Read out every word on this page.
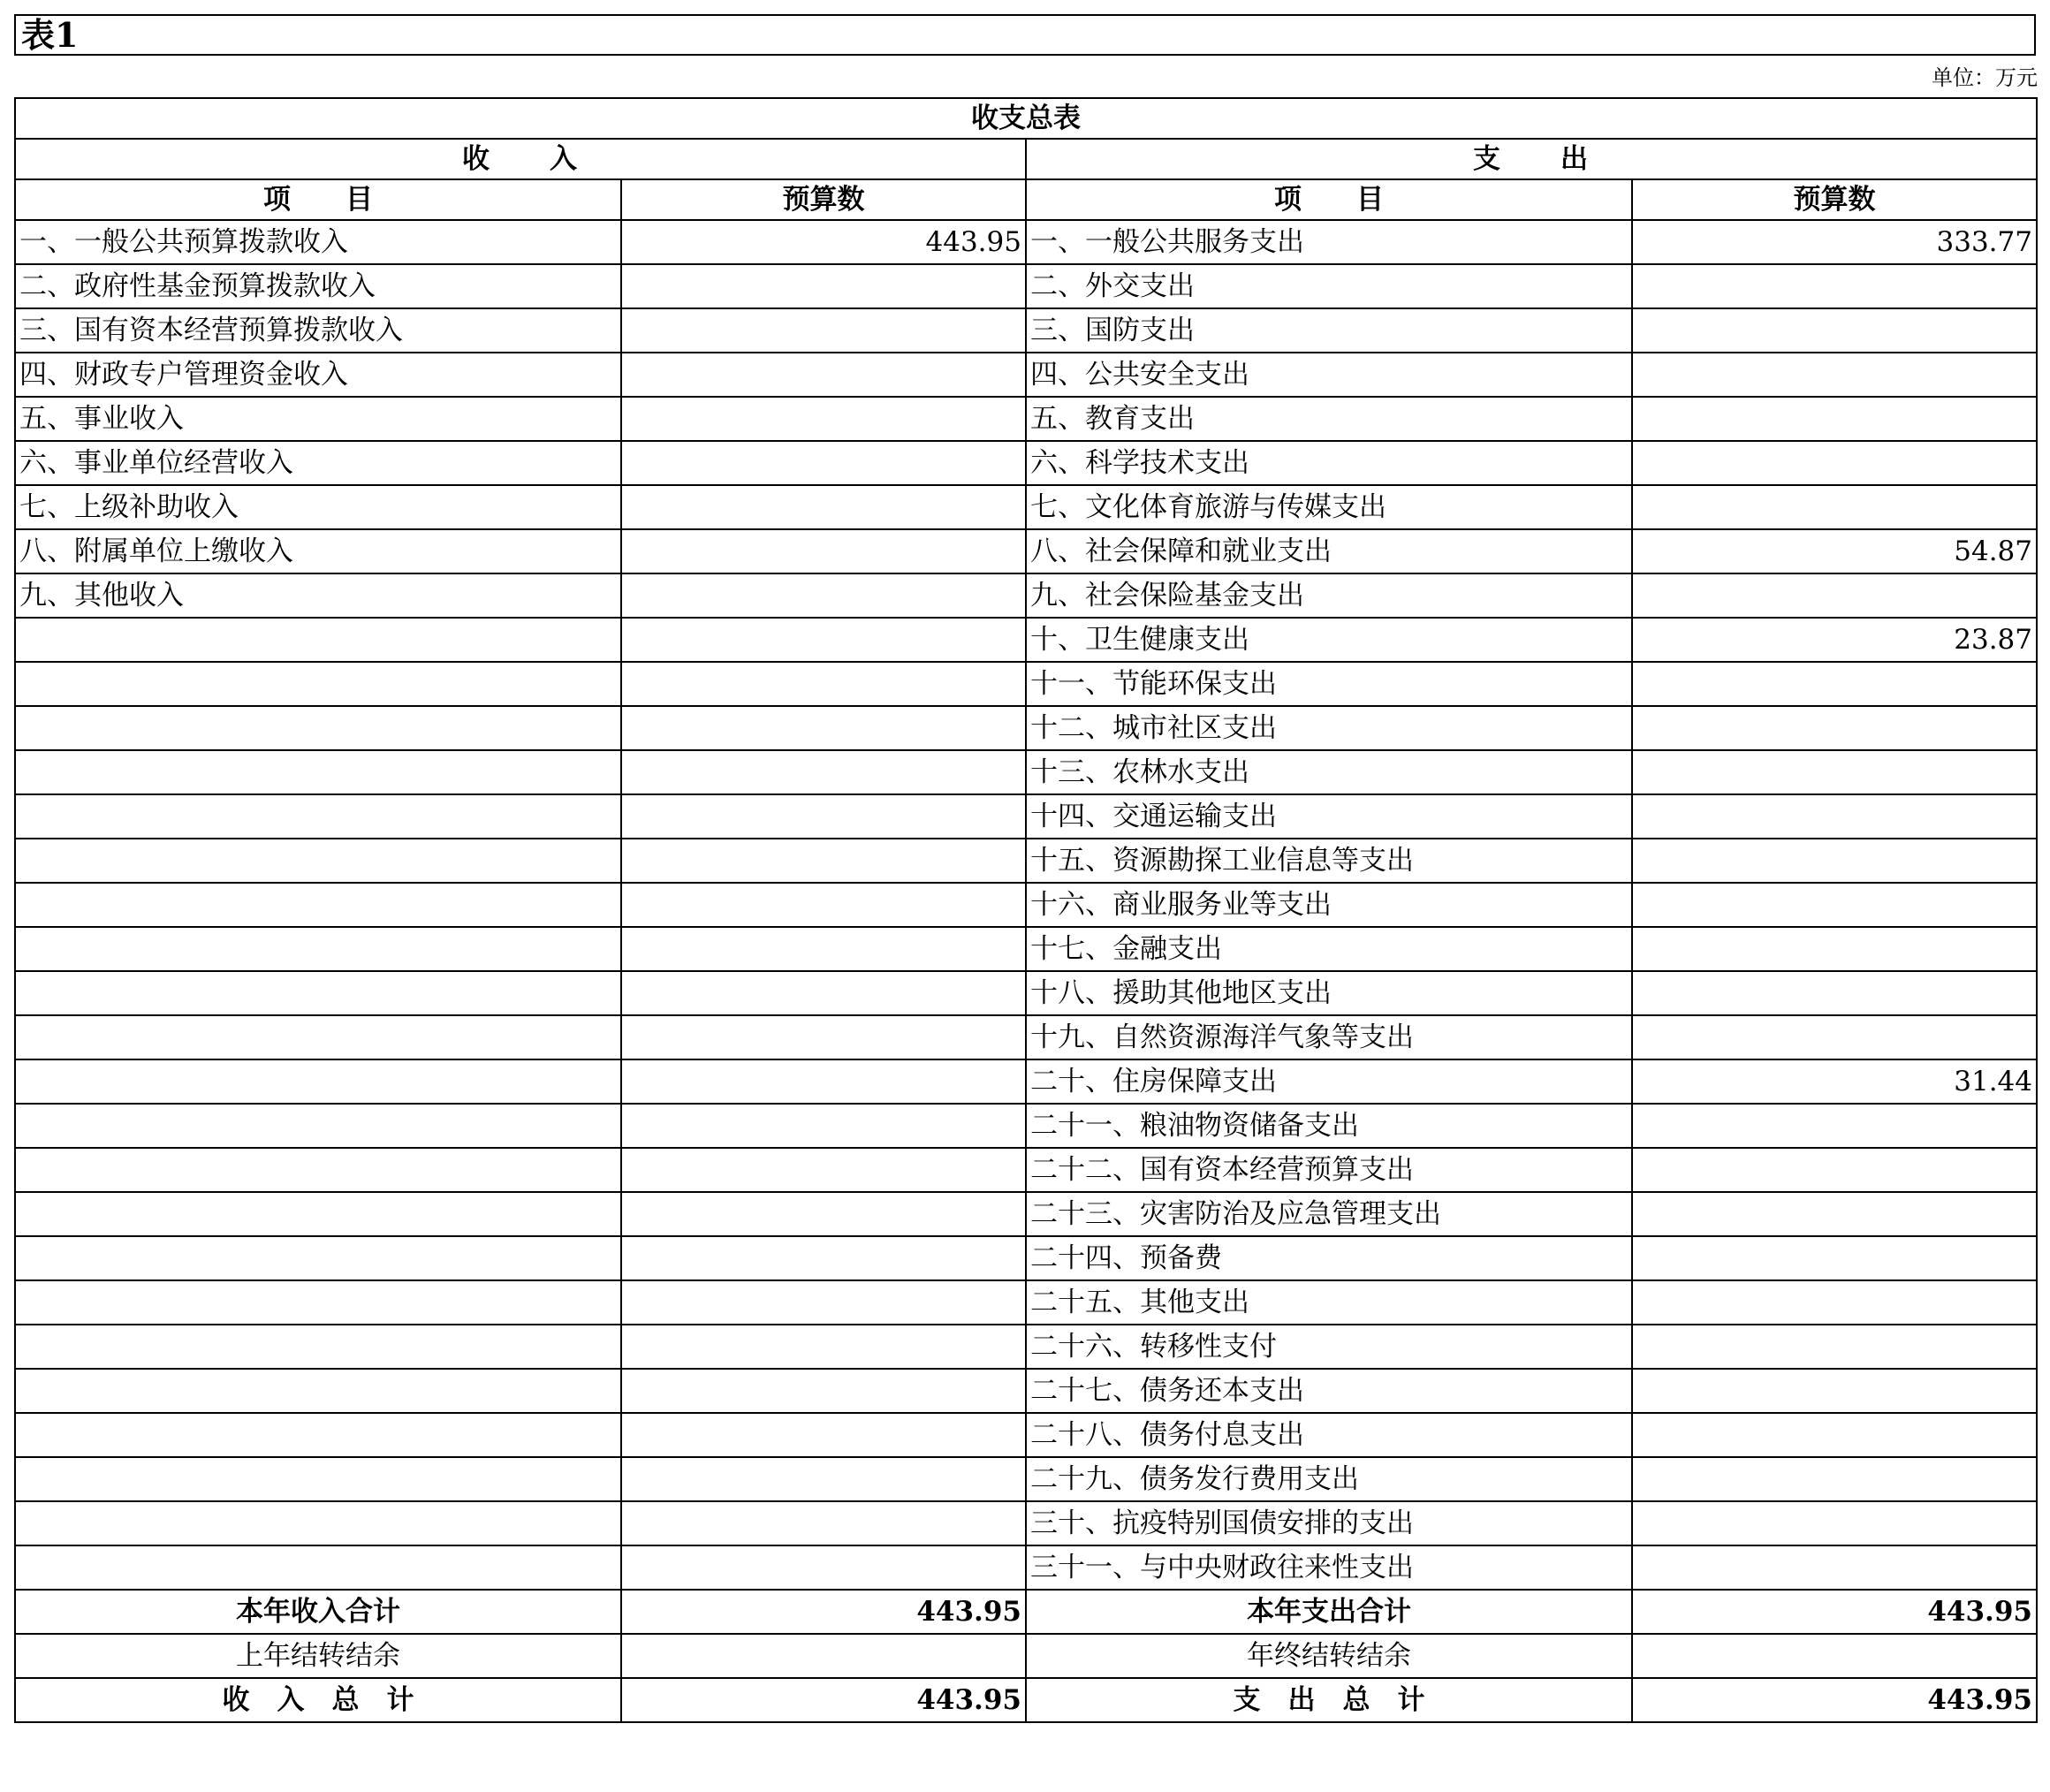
表1
单位：万元
收支总表			
收　　入		支　　出	
项　　目	预算数	项　　目	预算数
一、一般公共预算拨款收入	443.95	一、一般公共服务支出	333.77
二、政府性基金预算拨款收入		二、外交支出	
三、国有资本经营预算拨款收入		三、国防支出	
四、财政专户管理资金收入		四、公共安全支出	
五、事业收入		五、教育支出	
六、事业单位经营收入		六、科学技术支出	
七、上级补助收入		七、文化体育旅游与传媒支出	
八、附属单位上缴收入		八、社会保障和就业支出	54.87
九、其他收入		九、社会保险基金支出	
		十、卫生健康支出	23.87
		十一、节能环保支出	
		十二、城市社区支出	
		十三、农林水支出	
		十四、交通运输支出	
		十五、资源勘探工业信息等支出	
		十六、商业服务业等支出	
		十七、金融支出	
		十八、援助其他地区支出	
		十九、自然资源海洋气象等支出	
		二十、住房保障支出	31.44
		二十一、粮油物资储备支出	
		二十二、国有资本经营预算支出	
		二十三、灾害防治及应急管理支出	
		二十四、预备费	
		二十五、其他支出	
		二十六、转移性支付	
		二十七、债务还本支出	
		二十八、债务付息支出	
		二十九、债务发行费用支出	
		三十、抗疫特别国债安排的支出	
		三十一、与中央财政往来性支出	
本年收入合计	443.95	本年支出合计	443.95
上年结转结余		年终结转结余	
收　入　总　计	443.95	支　出　总　计	443.95
